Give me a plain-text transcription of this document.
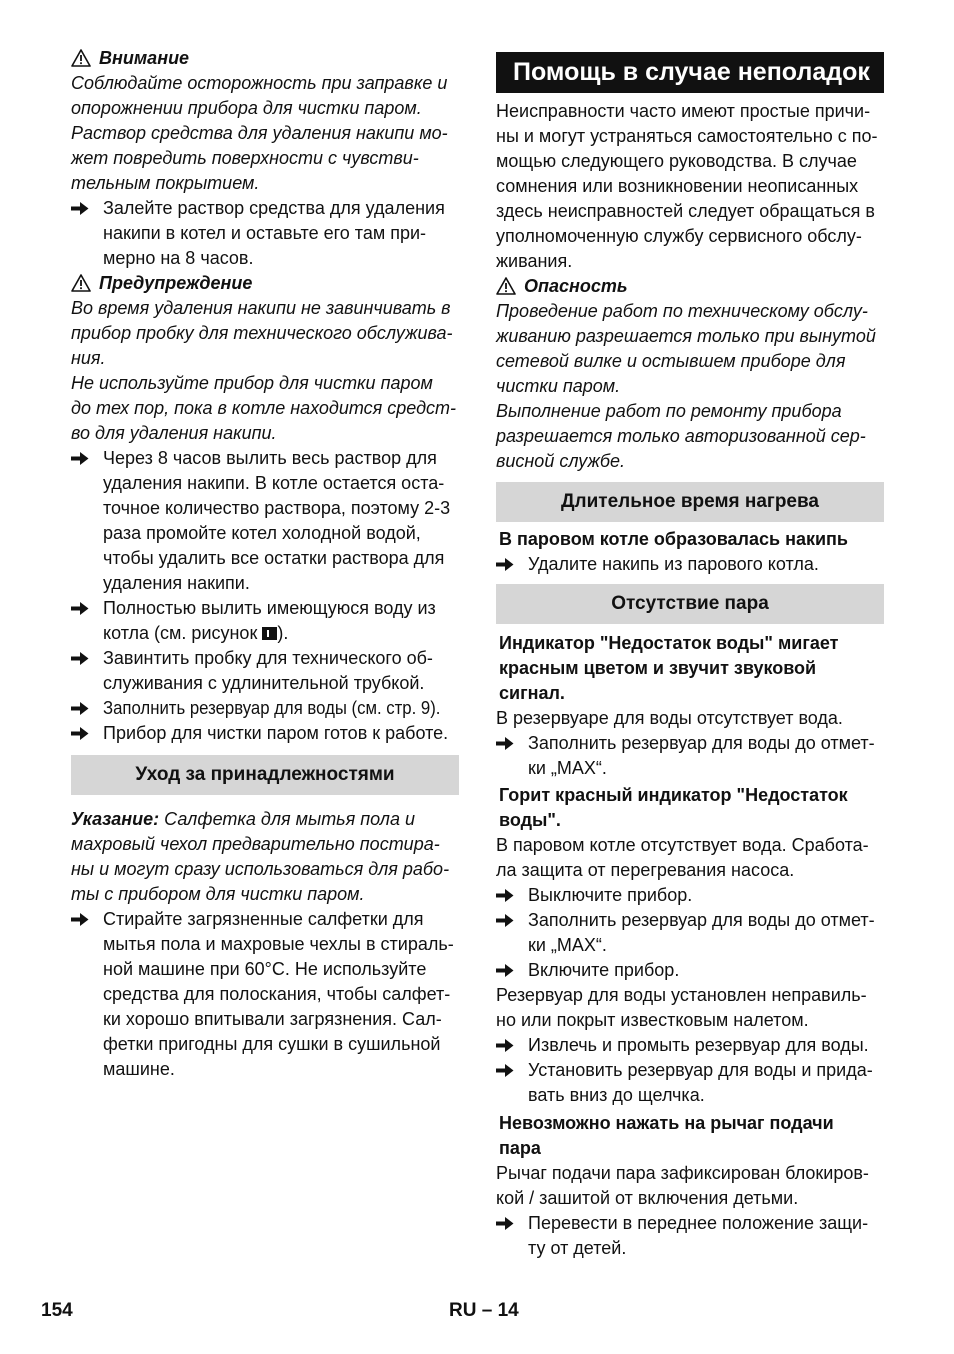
Внимание
Соблюдайте осторожность при заправке и
опорожнении прибора для чистки паром.
Раствор средства для удаления накипи мо-
жет повредить поверхности с чувстви-
тельным покрытием.
Залейте раствор средства для удаления
накипи в котел и оставьте его там при-
мерно на 8 часов.
Предупреждение
Во время удаления накипи не завинчивать в
прибор пробку для технического обслужива-
ния.
Не используйте прибор для чистки паром
до тех пор, пока в котле находится средст-
во для удаления накипи.
Через 8 часов вылить весь раствор для
удаления накипи. В котле остается оста-
точное количество раствора, поэтому 2-3
раза промойте котел холодной водой,
чтобы удалить все остатки раствора для
удаления накипи.
Полностью вылить имеющуюся воду из
котла (см. рисунок ).
Завинтить пробку для технического об-
служивания с удлинительной трубкой.
Заполнить резервуар для воды (см. стр. 9).
Прибор для чистки паром готов к работе.
Уход за принадлежностями
Указание: Салфетка для мытья пола и
махровый чехол предварительно постира-
ны и могут сразу использоваться для рабо-
ты с прибором для чистки паром.
Стирайте загрязненные салфетки для
мытья пола и махровые чехлы в стираль-
ной машине при 60°C. Не используйте
средства для полоскания, чтобы салфет-
ки хорошо впитывали загрязнения. Сал-
фетки пригодны для сушки в сушильной
машине.
Помощь в случае неполадок
Неисправности часто имеют простые причи-
ны и могут устраняться самостоятельно с по-
мощью следующего руководства. В случае
сомнения или возникновении неописанных
здесь неисправностей следует обращаться в
уполномоченную службу сервисного обслу-
живания.
Опасность
Проведение работ по техническому обслу-
живанию разрешается только при вынутой
сетевой вилке и остывшем приборе для
чистки паром.
Выполнение работ по ремонту прибора
разрешается только авторизованной сер-
висной службе.
Длительное время нагрева
В паровом котле образовалась накипь
Удалите накипь из парового котла.
Отсутствие пара
Индикатор "Недостаток воды" мигает
красным цветом и звучит звуковой
сигнал.
В резервуаре для воды отсутствует вода.
Заполнить резервуар для воды до отмет-
ки „MAX“.
Горит красный индикатор "Недостаток
воды".
В паровом котле отсутствует вода. Сработа-
ла защита от перегревания насоса.
Выключите прибор.
Заполнить резервуар для воды до отмет-
ки „MAX“.
Включите прибор.
Резервуар для воды установлен неправиль-
но или покрыт известковым налетом.
Извлечь и промыть резервуар для воды.
Установить резервуар для воды и прида-
вать вниз до щелчка.
Невозможно нажать на рычаг подачи
пара
Рычаг подачи пара зафиксирован блокиров-
кой / зашитой от включения детьми.
Перевести в переднее положение защи-
ту от детей.
154	RU – 14
